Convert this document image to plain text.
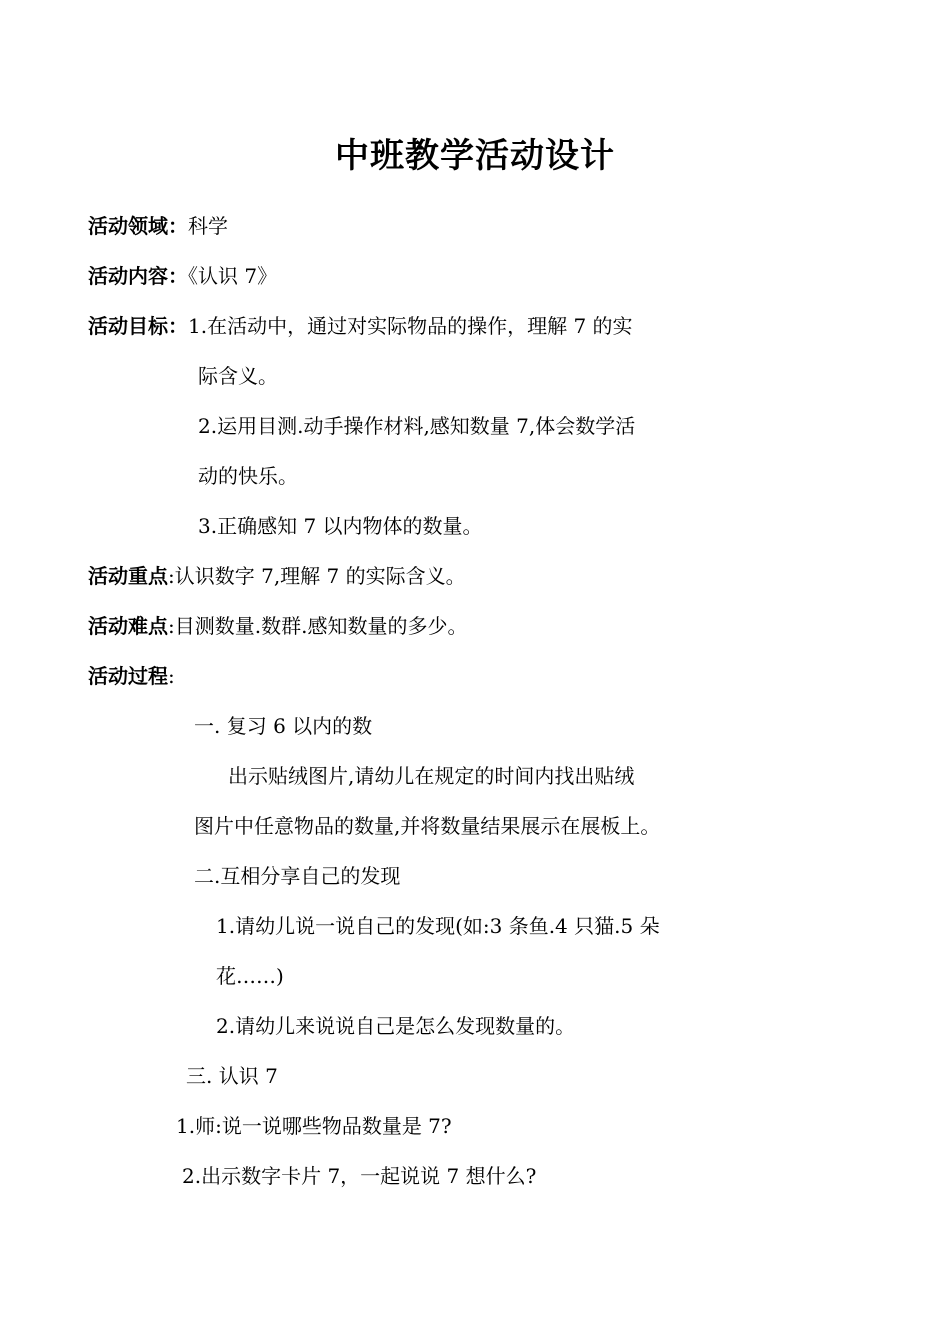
中班教学活动设计
活动领域：科学
活动内容：《认识 7》
活动目标：1.在活动中，通过对实际物品的操作，理解 7 的实
际含义。
2.运用目测.动手操作材料,感知数量 7,体会数学活
动的快乐。
3.正确感知 7 以内物体的数量。
活动重点:认识数字 7,理解 7 的实际含义。
活动难点:目测数量.数群.感知数量的多少。
活动过程:
一. 复习 6 以内的数
出示贴绒图片,请幼儿在规定的时间内找出贴绒
图片中任意物品的数量,并将数量结果展示在展板上。
二.互相分享自己的发现
1.请幼儿说一说自己的发现(如:3 条鱼.4 只猫.5 朵
花……)
2.请幼儿来说说自己是怎么发现数量的。
三. 认识 7
1.师:说一说哪些物品数量是 7?
2.出示数字卡片 7，一起说说 7 想什么?
